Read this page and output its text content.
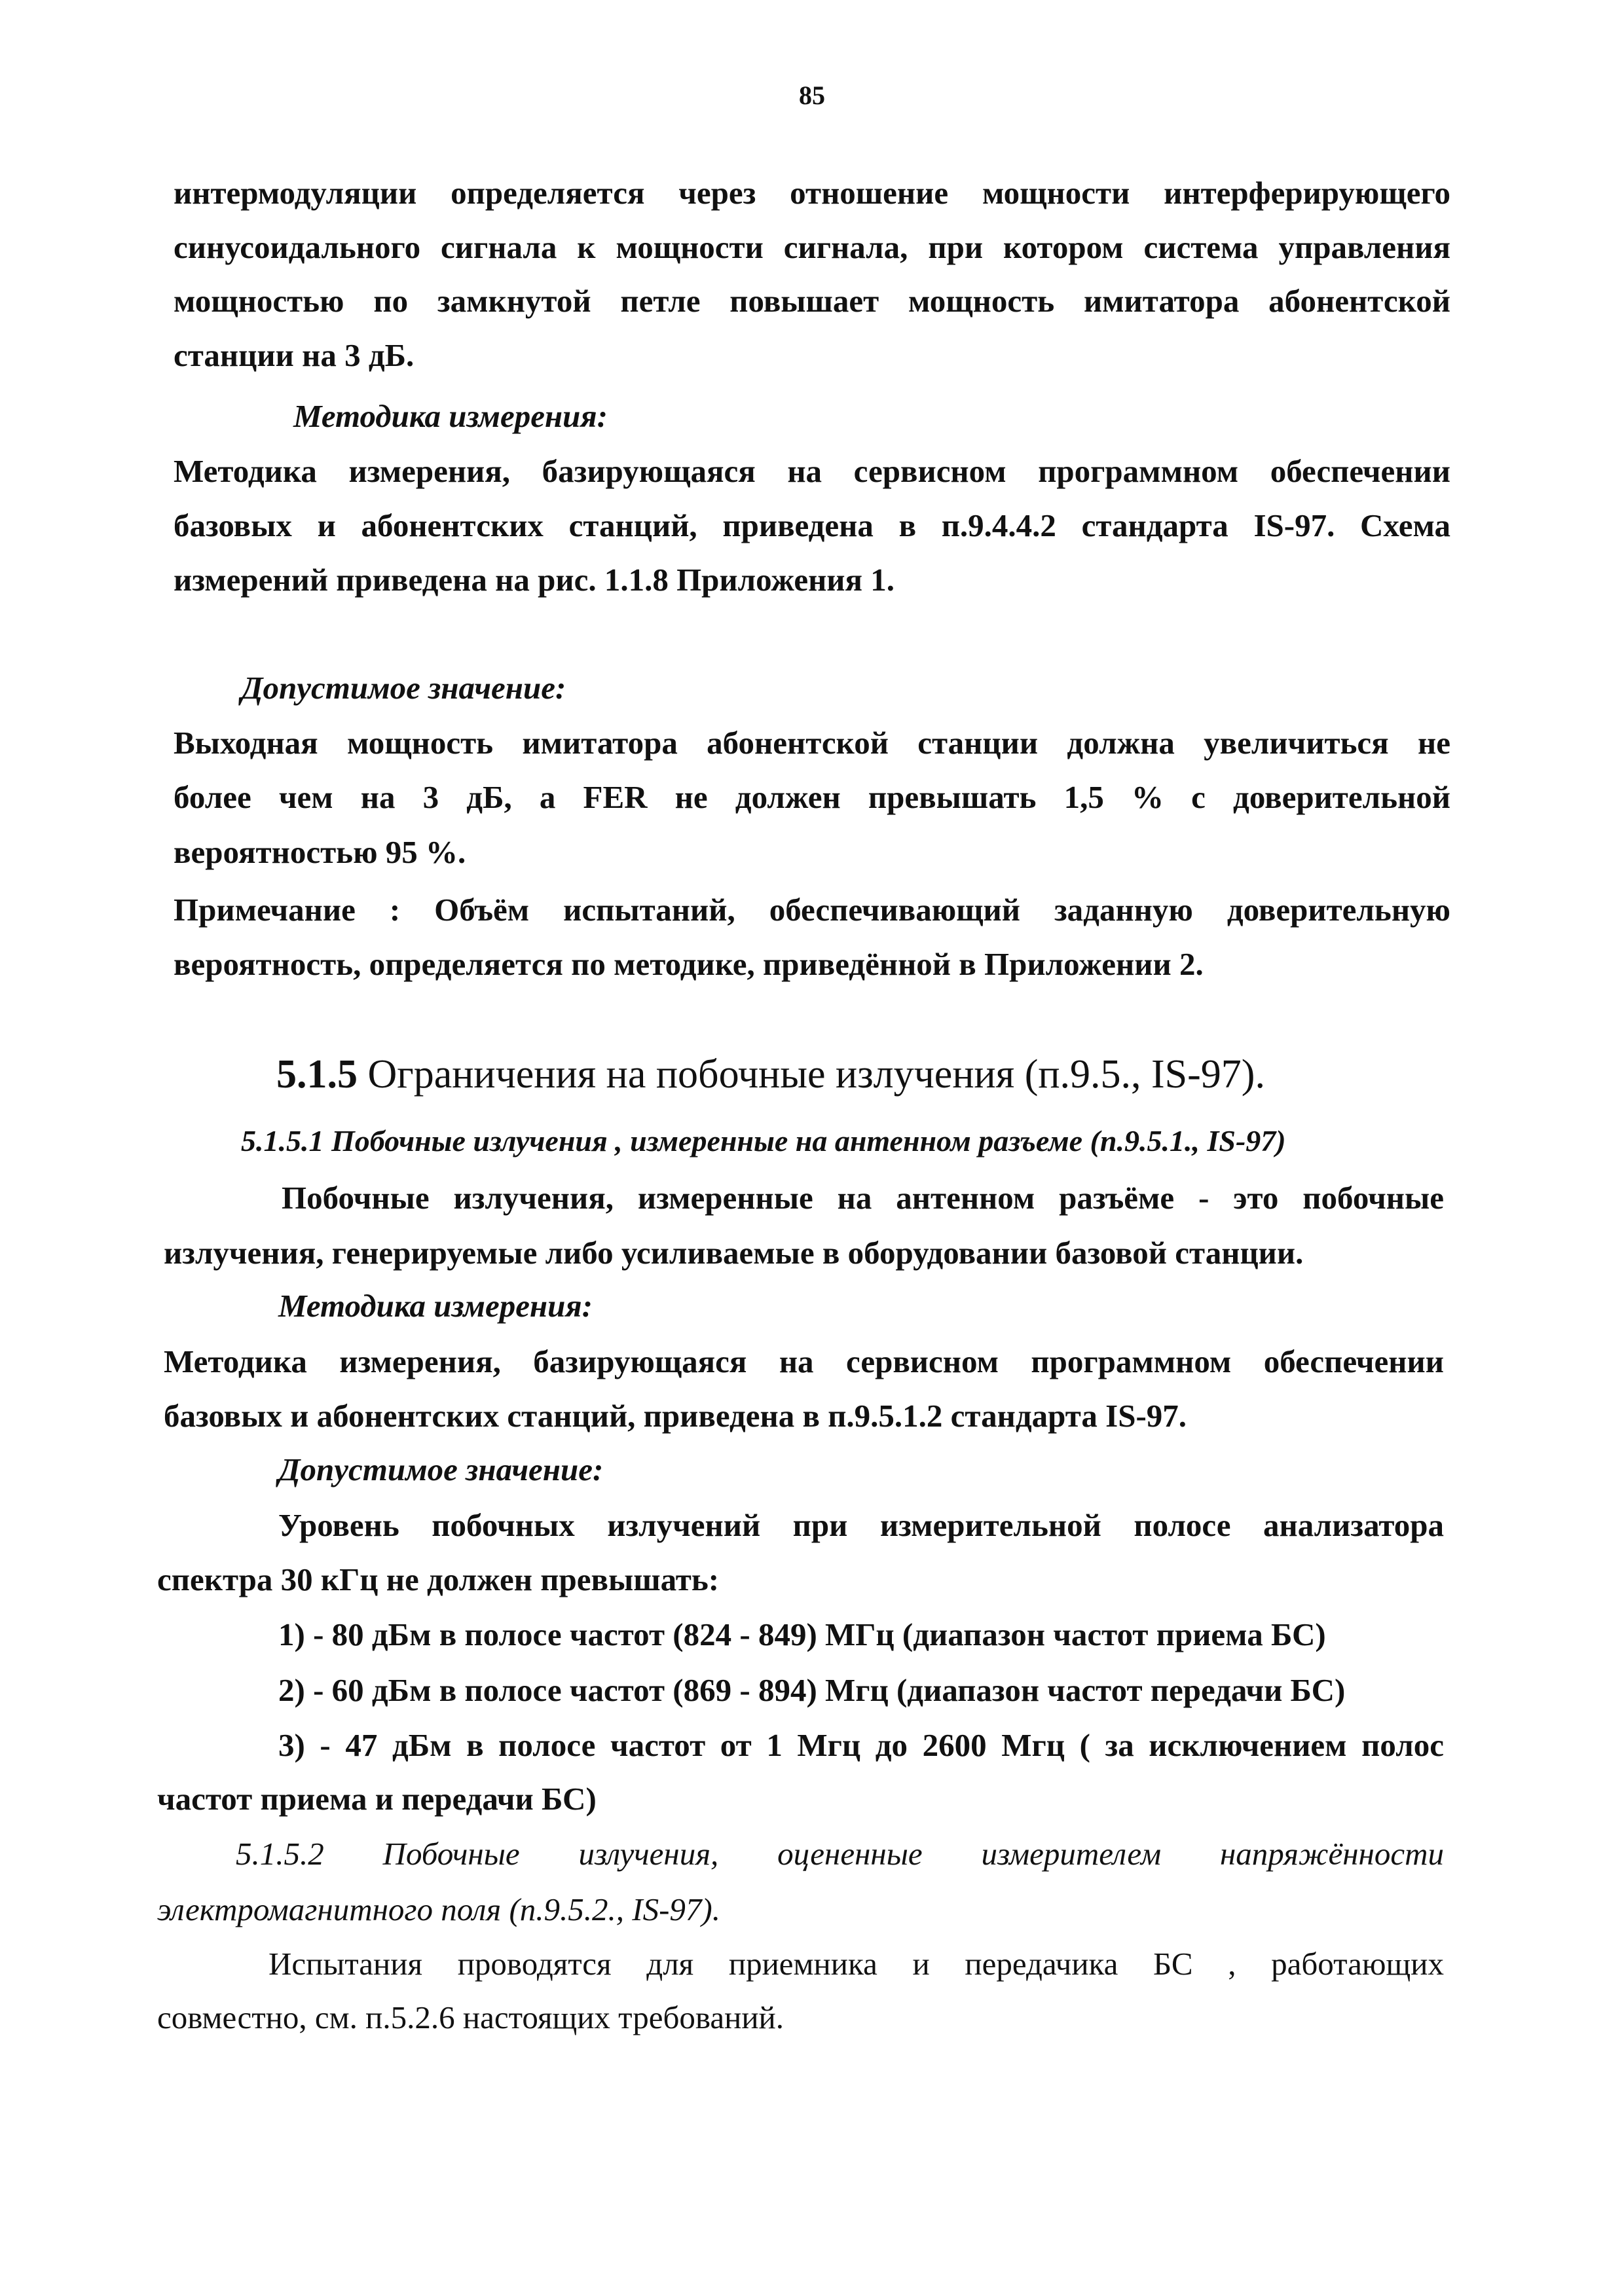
85
интермодуляции определяется через отношение мощности интерферирующего
синусоидального сигнала к мощности сигнала, при котором система управления
мощностью по замкнутой петле повышает мощность имитатора абонентской
станции на 3 дБ.
Методика измерения:
Методика измерения, базирующаяся на сервисном программном обеспечении
базовых и абонентских станций, приведена в п.9.4.4.2 стандарта IS-97. Схема
измерений приведена на рис. 1.1.8 Приложения 1.
Допустимое значение:
Выходная мощность имитатора абонентской станции должна увеличиться не
более чем на 3 дБ, а FER не должен превышать 1,5 % с доверительной
вероятностью 95 %.
Примечание : Объём испытаний, обеспечивающий заданную доверительную
вероятность, определяется по методике, приведённой в Приложении 2.
5.1.5 Ограничения на побочные излучения (п.9.5., IS-97).
5.1.5.1 Побочные излучения , измеренные на антенном разъеме (п.9.5.1., IS-97)
Побочные излучения, измеренные на антенном разъёме - это побочные
излучения, генерируемые либо усиливаемые в оборудовании базовой станции.
Методика измерения:
Методика измерения, базирующаяся на сервисном программном обеспечении
базовых и абонентских станций, приведена в п.9.5.1.2 стандарта IS-97.
Допустимое значение:
Уровень побочных излучений при измерительной полосе анализатора
спектра 30 кГц не должен превышать:
1) - 80 дБм в полосе частот (824 - 849) МГц (диапазон частот приема БС)
2) - 60 дБм в полосе частот (869 - 894) Мгц (диапазон частот передачи БС)
3) - 47 дБм в полосе частот от 1 Мгц до 2600 Мгц ( за исключением полос
частот приема и передачи БС)
5.1.5.2 Побочные излучения, оцененные измерителем напряжённости
электромагнитного поля (п.9.5.2., IS-97).
Испытания проводятся для приемника и передачика БС , работающих
совместно, см. п.5.2.6 настоящих требований.
